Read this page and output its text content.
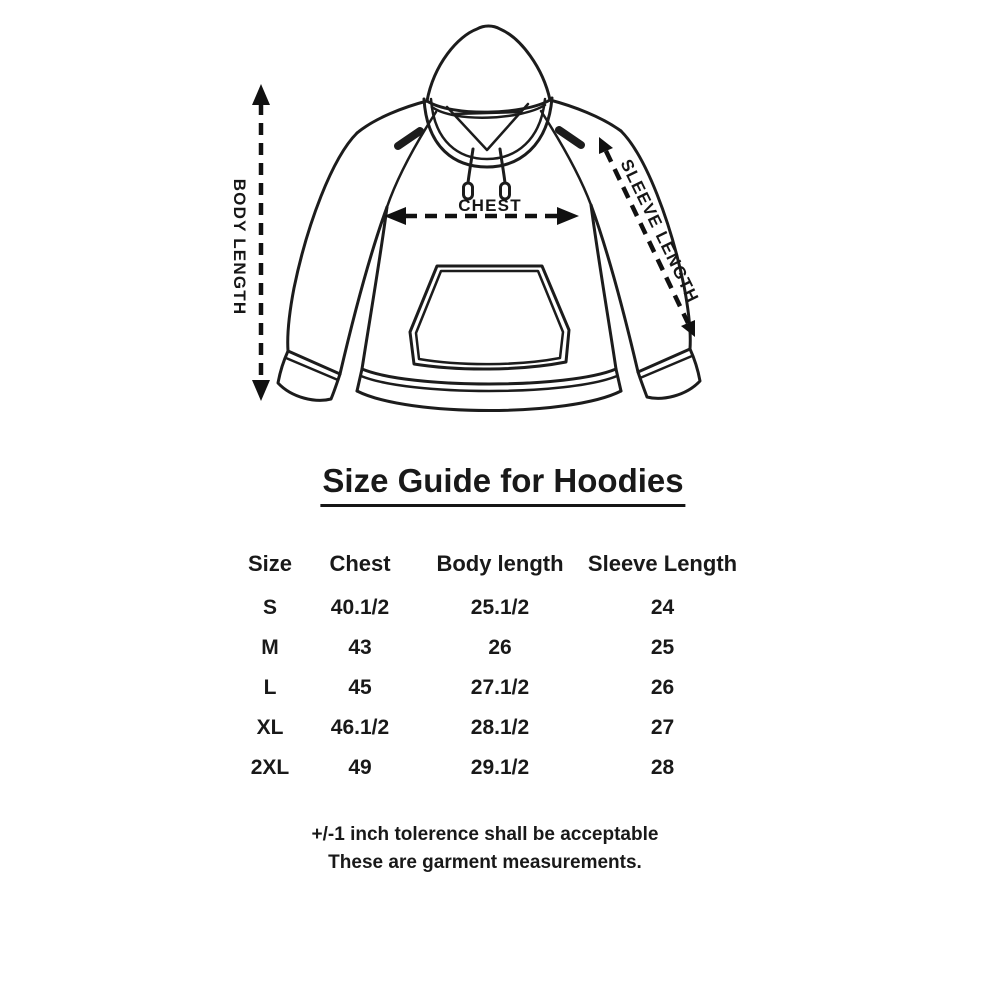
CHEST
BODY LENGTH	SLEEVE LENGTH
Size Guide for Hoodies
Size	Chest	Body length	Sleeve Length
S	40.1/2	25.1/2	24
M	43	26	25
L	45	27.1/2	26
XL	46.1/2	28.1/2	27
2XL	49	29.1/2	28
+/-1 inch tolerence shall be acceptable
These are garment measurements.
